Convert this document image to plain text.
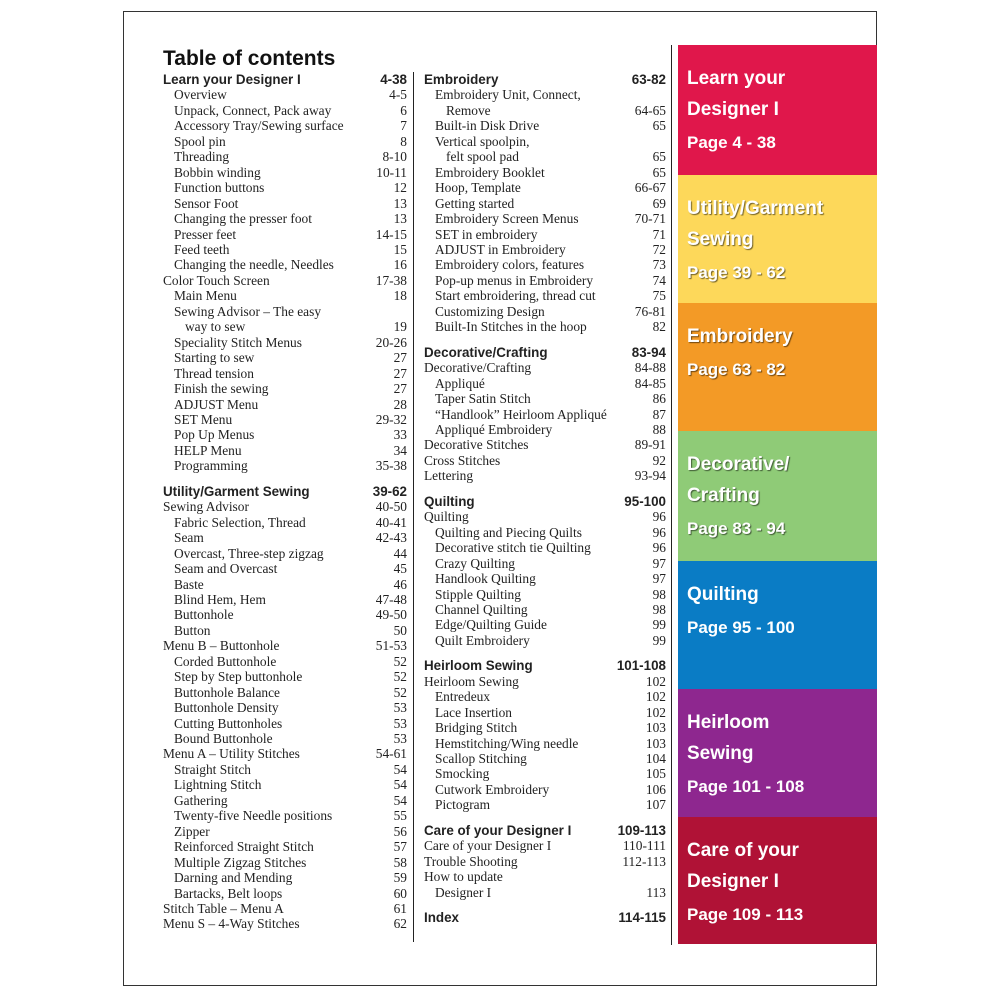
Table of contents
Learn your Designer I	4-38
Overview	4-5
Unpack, Connect, Pack away	6
Accessory Tray/Sewing surface	7
Spool pin	8
Threading	8-10
Bobbin winding	10-11
Function buttons	12
Sensor Foot	13
Changing the presser foot	13
Presser feet	14-15
Feed teeth	15
Changing the needle, Needles	16
Color Touch Screen	17-38
Main Menu	18
Sewing Advisor – The easy
way to sew	19
Speciality Stitch Menus	20-26
Starting to sew	27
Thread tension	27
Finish the sewing	27
ADJUST Menu	28
SET Menu	29-32
Pop Up Menus	33
HELP Menu	34
Programming	35-38
Utility/Garment Sewing	39-62
Sewing Advisor	40-50
Fabric Selection, Thread	40-41
Seam	42-43
Overcast, Three-step zigzag	44
Seam and Overcast	45
Baste	46
Blind Hem, Hem	47-48
Buttonhole	49-50
Button	50
Menu B – Buttonhole	51-53
Corded Buttonhole	52
Step by Step buttonhole	52
Buttonhole Balance	52
Buttonhole Density	53
Cutting Buttonholes	53
Bound Buttonhole	53
Menu A – Utility Stitches	54-61
Straight Stitch	54
Lightning Stitch	54
Gathering	54
Twenty-five Needle positions	55
Zipper	56
Reinforced Straight Stitch	57
Multiple Zigzag Stitches	58
Darning and Mending	59
Bartacks, Belt loops	60
Stitch Table – Menu A	61
Menu S – 4-Way Stitches	62
Embroidery	63-82
Embroidery Unit, Connect,
Remove	64-65
Built-in Disk Drive	65
Vertical spoolpin,
felt spool pad	65
Embroidery Booklet	65
Hoop, Template	66-67
Getting started	69
Embroidery Screen Menus	70-71
SET in embroidery	71
ADJUST in Embroidery	72
Embroidery colors, features	73
Pop-up menus in Embroidery	74
Start embroidering, thread cut	75
Customizing Design	76-81
Built-In Stitches in the hoop	82
Decorative/Crafting	83-94
Decorative/Crafting	84-88
Appliqué	84-85
Taper Satin Stitch	86
“Handlook” Heirloom Appliqué	87
Appliqué Embroidery	88
Decorative Stitches	89-91
Cross Stitches	92
Lettering	93-94
Quilting	95-100
Quilting	96
Quilting and Piecing Quilts	96
Decorative stitch tie Quilting	96
Crazy Quilting	97
Handlook Quilting	97
Stipple Quilting	98
Channel Quilting	98
Edge/Quilting Guide	99
Quilt Embroidery	99
Heirloom Sewing	101-108
Heirloom Sewing	102
Entredeux	102
Lace Insertion	102
Bridging Stitch	103
Hemstitching/Wing needle	103
Scallop Stitching	104
Smocking	105
Cutwork Embroidery	106
Pictogram	107
Care of your Designer I	109-113
Care of your Designer I	110-111
Trouble Shooting	112-113
How to update
Designer I	113
Index	114-115
Learn your
Designer I
Page 4 - 38
Utility/Garment
Sewing
Page 39 - 62
Embroidery
Page 63 - 82
Decorative/
Crafting
Page 83 - 94
Quilting
Page 95 - 100
Heirloom
Sewing
Page 101 - 108
Care of your
Designer I
Page 109 - 113
